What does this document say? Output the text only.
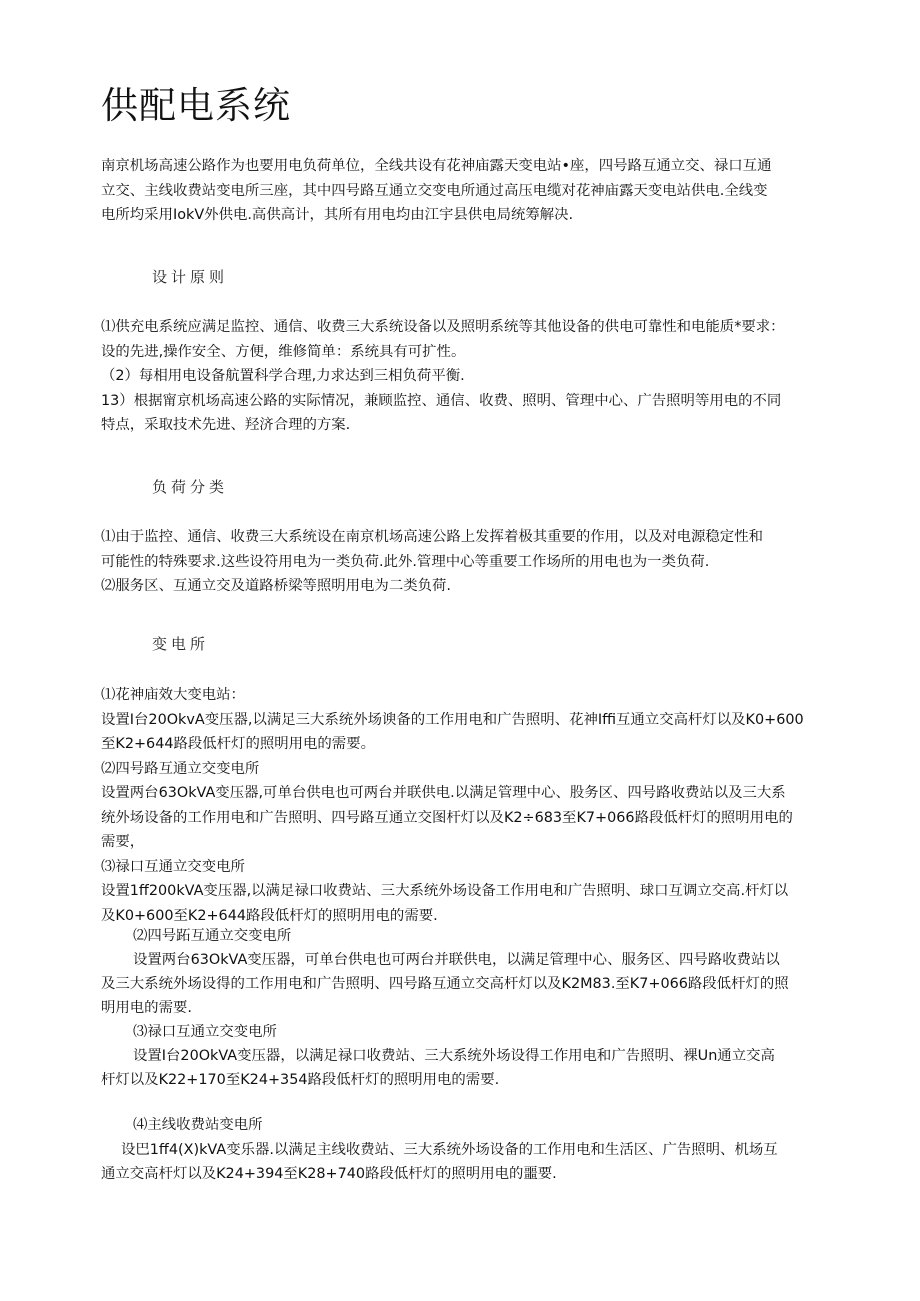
供配电系统
南京机场高速公路作为也要用电负荷单位，全线共设有花神庙露天变电站•座，四号路互通立交、禄口互通
立交、主线收费站变电所三座，其中四号路互通立交变电所通过高压电缆对花神庙露天变电站供电.全线变
电所均采用IokV外供电.高供高计，其所有用电均由江宇县供电局统筹解决.
设计原则
⑴供充电系统应满足监控、通信、收费三大系统设备以及照明系统等其他设备的供电可靠性和电能质*要求：
设的先进,操作安全、方便，维修简单：系统具有可扩性。
（2）每相用电设备航置科学合理,力求达到三相负荷平衡.
13）根据甯京机场高速公路的实际情况，兼顾监控、通信、收费、照明、管理中心、广告照明等用电的不同
特点，采取技术先进、羟济合理的方案.
负荷分类
⑴由于监控、通信、收费三大系统设在南京机场高速公路上发挥着极其重要的作用，以及对电源稳定性和
可能性的特殊要求.这些设符用电为一类负荷.此外.管理中心等重要工作场所的用电也为一类负荷.
⑵服务区、互通立交及道路桥梁等照明用电为二类负荷.
变电所
⑴花神庙效大变电站：
设置I台20OkvA变压器,以满足三大系统外场谀备的工作用电和广告照明、花神Iffi互通立交高杆灯以及K0+600
至K2+644路段低杆灯的照明用电的需要。
⑵四号路互通立交变电所
设置两台63OkVA变压器,可单台供电也可两台并联供电.以满足管理中心、股务区、四号路收费站以及三大系
统外场设备的工作用电和广告照明、四号路互通立交图杆灯以及K2÷683至K7+066路段低杆灯的照明用电的
需要，
⑶禄口互通立交变电所
设置1ff200kVA变压器,以满足禄口收费站、三大系统外场设备工作用电和广告照明、球口互调立交高.杆灯以
及K0+600至K2+644路段低杆灯的照明用电的需要.
⑵四号跖互通立交变电所
设置两台63OkVA变压器，可单台供电也可两台并联供电，以满足管理中心、服务区、四号路收费站以
及三大系统外场设得的工作用电和广告照明、四号路互通立交高杆灯以及K2M83.至K7+066路段低杆灯的照
明用电的需要.
⑶禄口互通立交变电所
设置I台20OkVA变压器，以满足禄口收费站、三大系统外场设得工作用电和广告照明、裸Un通立交高
杆灯以及K22+170至K24+354路段低杆灯的照明用电的需要.
⑷主线收费站变电所
设巴1ff4(X)kVA变乐器.以满足主线收费站、三大系统外场设备的工作用电和生活区、广告照明、机场互
通立交高杆灯以及K24+394至K28+740路段低杆灯的照明用电的噩要.
